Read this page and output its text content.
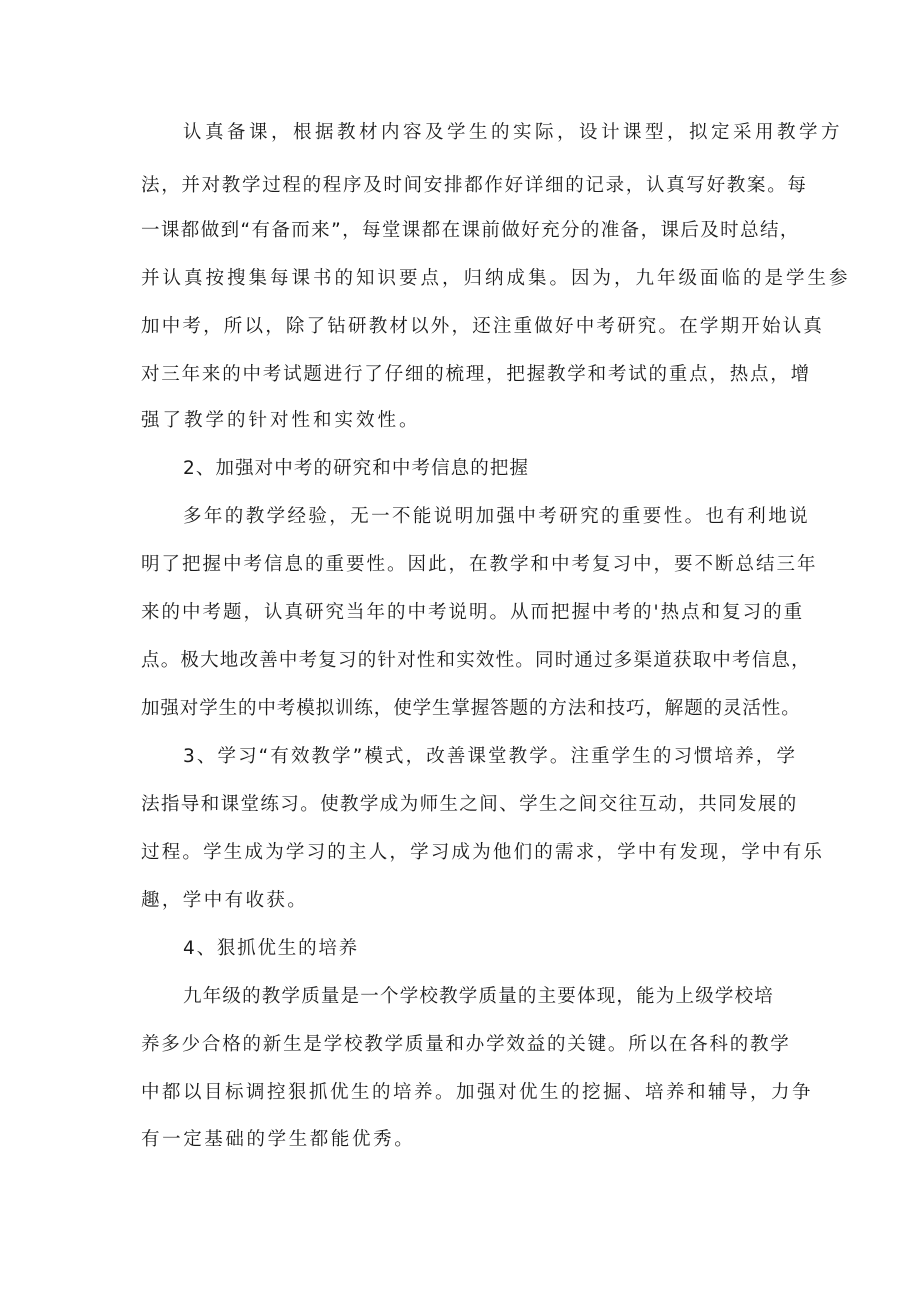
认真备课，根据教材内容及学生的实际，设计课型，拟定采用教学方

法，并对教学过程的程序及时间安排都作好详细的记录，认真写好教案。每

一课都做到“有备而来”，每堂课都在课前做好充分的准备，课后及时总结，

并认真按搜集每课书的知识要点，归纳成集。因为，九年级面临的是学生参

加中考，所以，除了钻研教材以外，还注重做好中考研究。在学期开始认真

对三年来的中考试题进行了仔细的梳理，把握教学和考试的重点，热点，增

强了教学的针对性和实效性。

2、加强对中考的研究和中考信息的把握

多年的教学经验，无一不能说明加强中考研究的重要性。也有利地说

明了把握中考信息的重要性。因此，在教学和中考复习中，要不断总结三年

来的中考题，认真研究当年的中考说明。从而把握中考的'热点和复习的重

点。极大地改善中考复习的针对性和实效性。同时通过多渠道获取中考信息，

加强对学生的中考模拟训练，使学生掌握答题的方法和技巧，解题的灵活性。

3、学习“有效教学”模式，改善课堂教学。注重学生的习惯培养，学

法指导和课堂练习。使教学成为师生之间、学生之间交往互动，共同发展的

过程。学生成为学习的主人，学习成为他们的需求，学中有发现，学中有乐

趣，学中有收获。

4、狠抓优生的培养

九年级的教学质量是一个学校教学质量的主要体现，能为上级学校培

养多少合格的新生是学校教学质量和办学效益的关键。所以在各科的教学

中都以目标调控狠抓优生的培养。加强对优生的挖掘、培养和辅导，力争

有一定基础的学生都能优秀。
